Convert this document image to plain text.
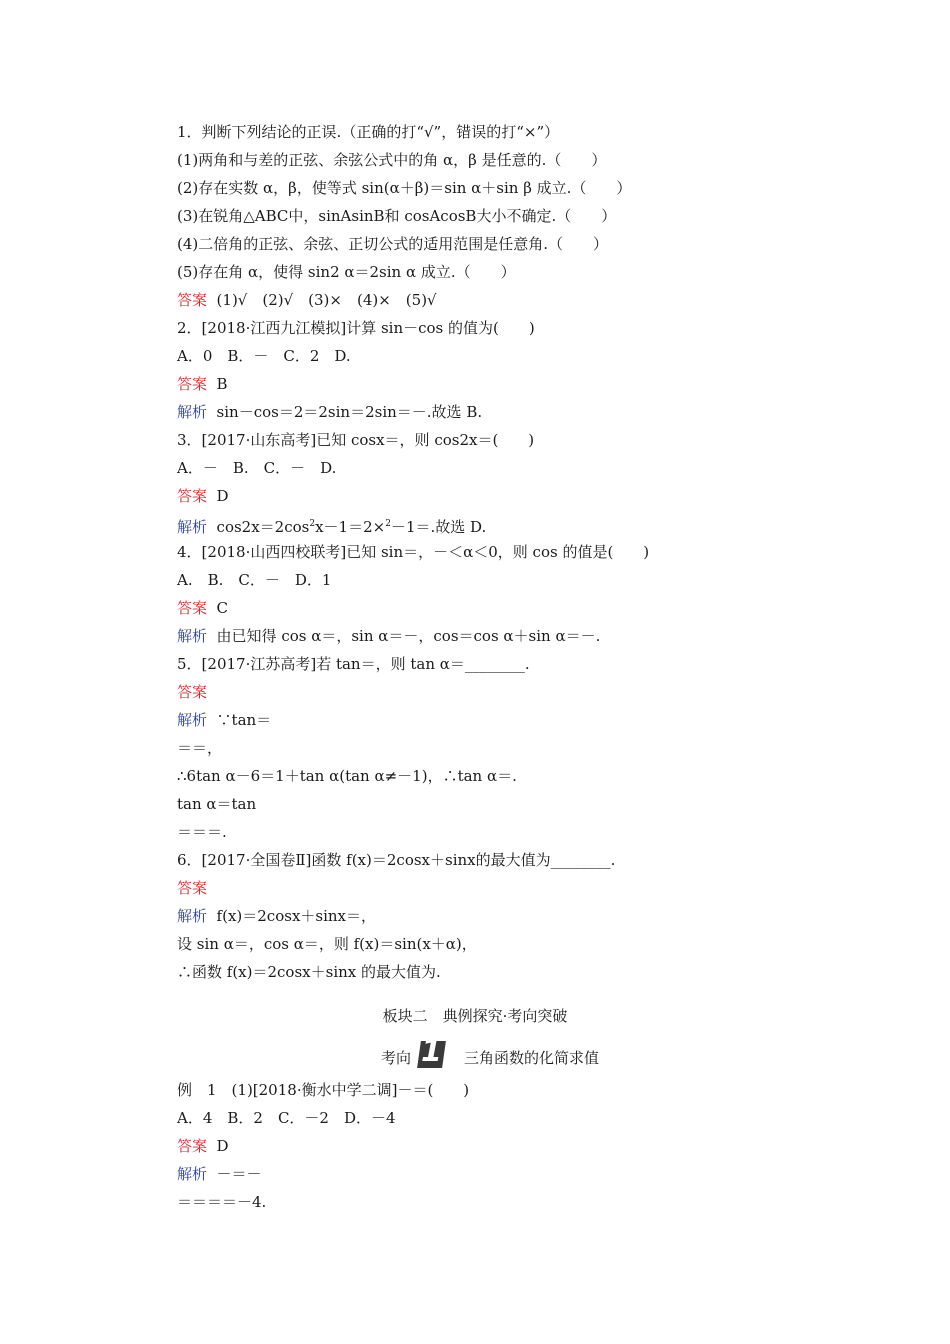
1．判断下列结论的正误.（正确的打“√”，错误的打“×”）
(1)两角和与差的正弦、余弦公式中的角 α，β 是任意的.（　　）
(2)存在实数 α，β，使等式 sin(α＋β)＝sin α＋sin β 成立.（　　）
(3)在锐角△ABC中，sinAsinB和 cosAcosB大小不确定.（　　）
(4)二倍角的正弦、余弦、正切公式的适用范围是任意角.（　　）
(5)存在角 α，使得 sin2 α＝2sin α 成立.（　　）
答案  (1)√　(2)√　(3)×　(4)×　(5)√
2．[2018·江西九江模拟]计算 sin－cos 的值为(　　)
A．0　B．－　C．2　D.
答案  B
解析  sin－cos＝2＝2sin＝2sin＝－.故选 B.
3．[2017·山东高考]已知 cosx＝，则 cos2x＝(　　)
A．－　B.　C．－　D.
答案  D
解析  $\cos 2x=2\cos^2x-1=2\times^2-1=$.故选 D.
4．[2018·山西四校联考]已知 sin＝，－＜α＜0，则 cos 的值是(　　)
A.　B.　C．－　D．1
答案  C
解析  由已知得 cos α＝，sin α＝－，cos＝cos α＋sin α＝－.
5．[2017·江苏高考]若 tan＝，则 tan α＝________.
答案
解析  ∵tan＝
＝＝，
∴6tan α－6＝1＋tan α(tan α≠－1)，∴tan α＝.
tan α＝tan
＝＝＝.
6．[2017·全国卷Ⅱ]函数 f(x)＝2cosx＋sinx的最大值为________.
答案
解析  f(x)＝2cosx＋sinx＝，
设 sin α＝，cos α＝，则 f(x)＝sin(x＋α)，
∴函数 f(x)＝2cosx＋sinx 的最大值为.
板块二　典例探究·考向突破
考向 1 三角函数的化简求值
例　1　(1)[2018·衡水中学二调]－＝(　　)
A．4　B．2　C．－2　D．－4
答案  D
解析  －＝－
＝＝＝＝－4.
